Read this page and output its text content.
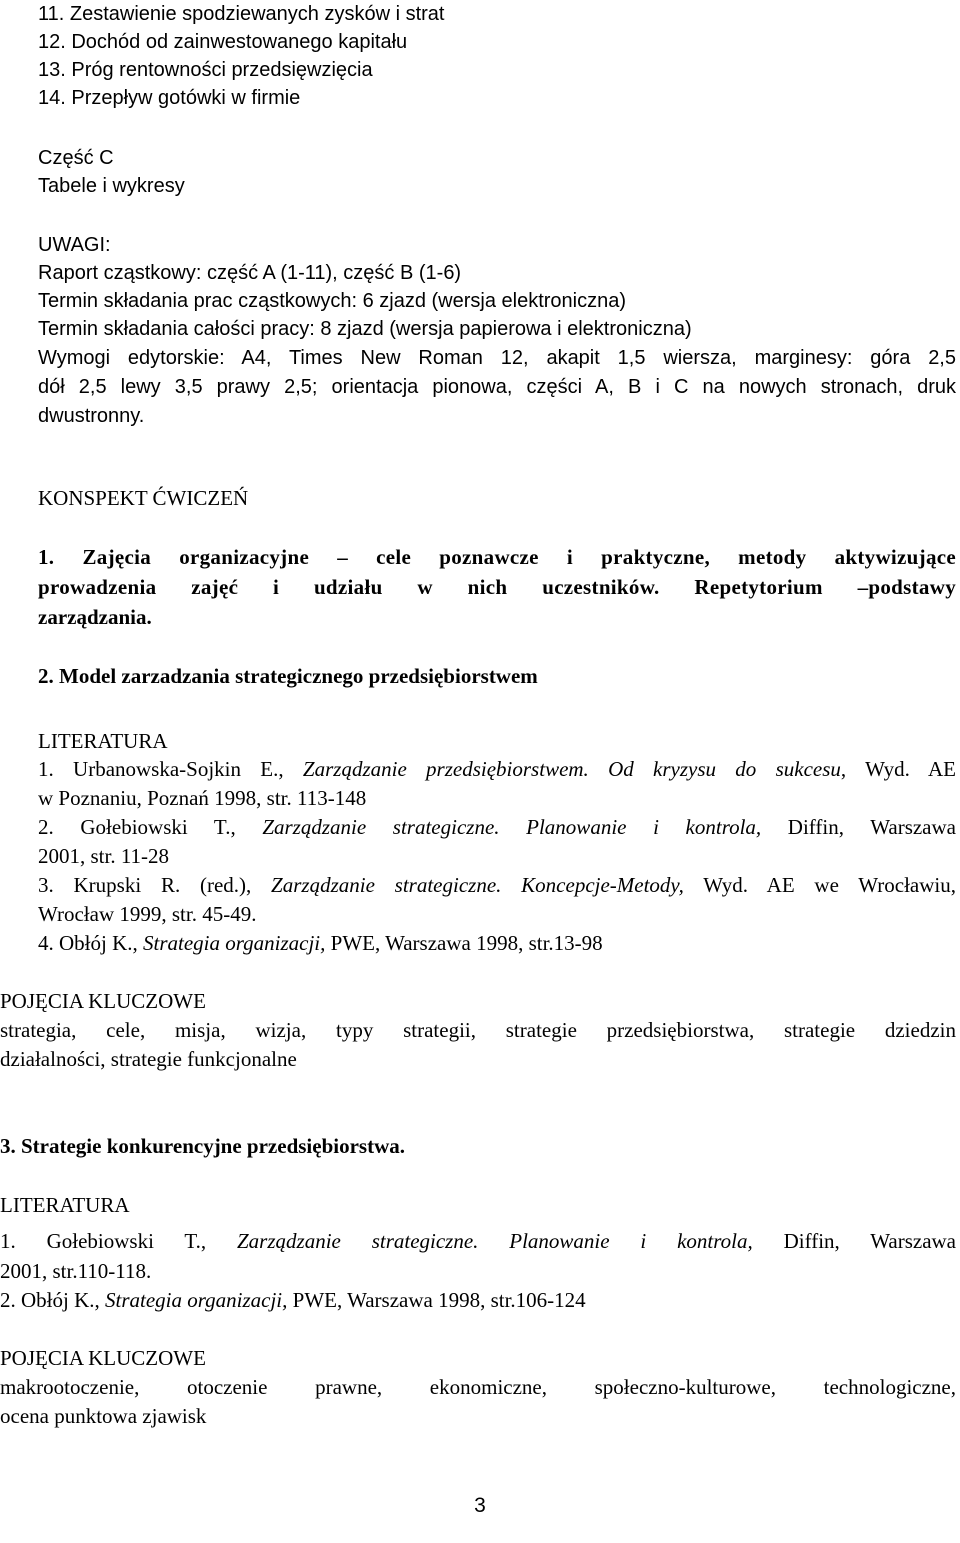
11. Zestawienie spodziewanych zysków i strat
12. Dochód od zainwestowanego kapitału
13. Próg rentowności przedsięwzięcia
14. Przepływ gotówki w firmie
Część C
Tabele i wykresy
UWAGI:
Raport cząstkowy: część A (1-11), część B (1-6)
Termin składania prac cząstkowych: 6 zjazd (wersja elektroniczna)
Termin składania całości pracy: 8 zjazd (wersja papierowa i elektroniczna)
Wymogi edytorskie: A4, Times New Roman 12, akapit 1,5 wiersza, marginesy: góra 2,5
dół 2,5 lewy 3,5 prawy 2,5; orientacja pionowa, części A, B i C na nowych stronach, druk
dwustronny.
KONSPEKT ĆWICZEŃ
1. Zajęcia organizacyjne – cele poznawcze i praktyczne, metody aktywizujące
prowadzenia zajęć i udziału w nich uczestników. Repetytorium –podstawy
zarządzania.
2. Model zarzadzania strategicznego przedsiębiorstwem
LITERATURA
1. Urbanowska-Sojkin E., Zarządzanie przedsiębiorstwem. Od kryzysu do sukcesu, Wyd. AE
w Poznaniu, Poznań 1998, str. 113-148
2. Gołebiowski T., Zarządzanie strategiczne. Planowanie i kontrola, Diffin, Warszawa
2001, str. 11-28
3. Krupski R. (red.), Zarządzanie strategiczne. Koncepcje-Metody, Wyd. AE we Wrocławiu,
Wrocław 1999, str. 45-49.
4. Obłój K., Strategia organizacji, PWE, Warszawa 1998, str.13-98
POJĘCIA KLUCZOWE
strategia, cele, misja, wizja, typy strategii, strategie przedsiębiorstwa, strategie dziedzin
działalności, strategie funkcjonalne
3. Strategie konkurencyjne przedsiębiorstwa.
LITERATURA
1. Gołebiowski T., Zarządzanie strategiczne. Planowanie i kontrola, Diffin, Warszawa
2001, str.110-118.
2. Obłój K., Strategia organizacji, PWE, Warszawa 1998, str.106-124
POJĘCIA KLUCZOWE
makrootoczenie, otoczenie prawne, ekonomiczne, społeczno-kulturowe, technologiczne,
ocena punktowa zjawisk
3
